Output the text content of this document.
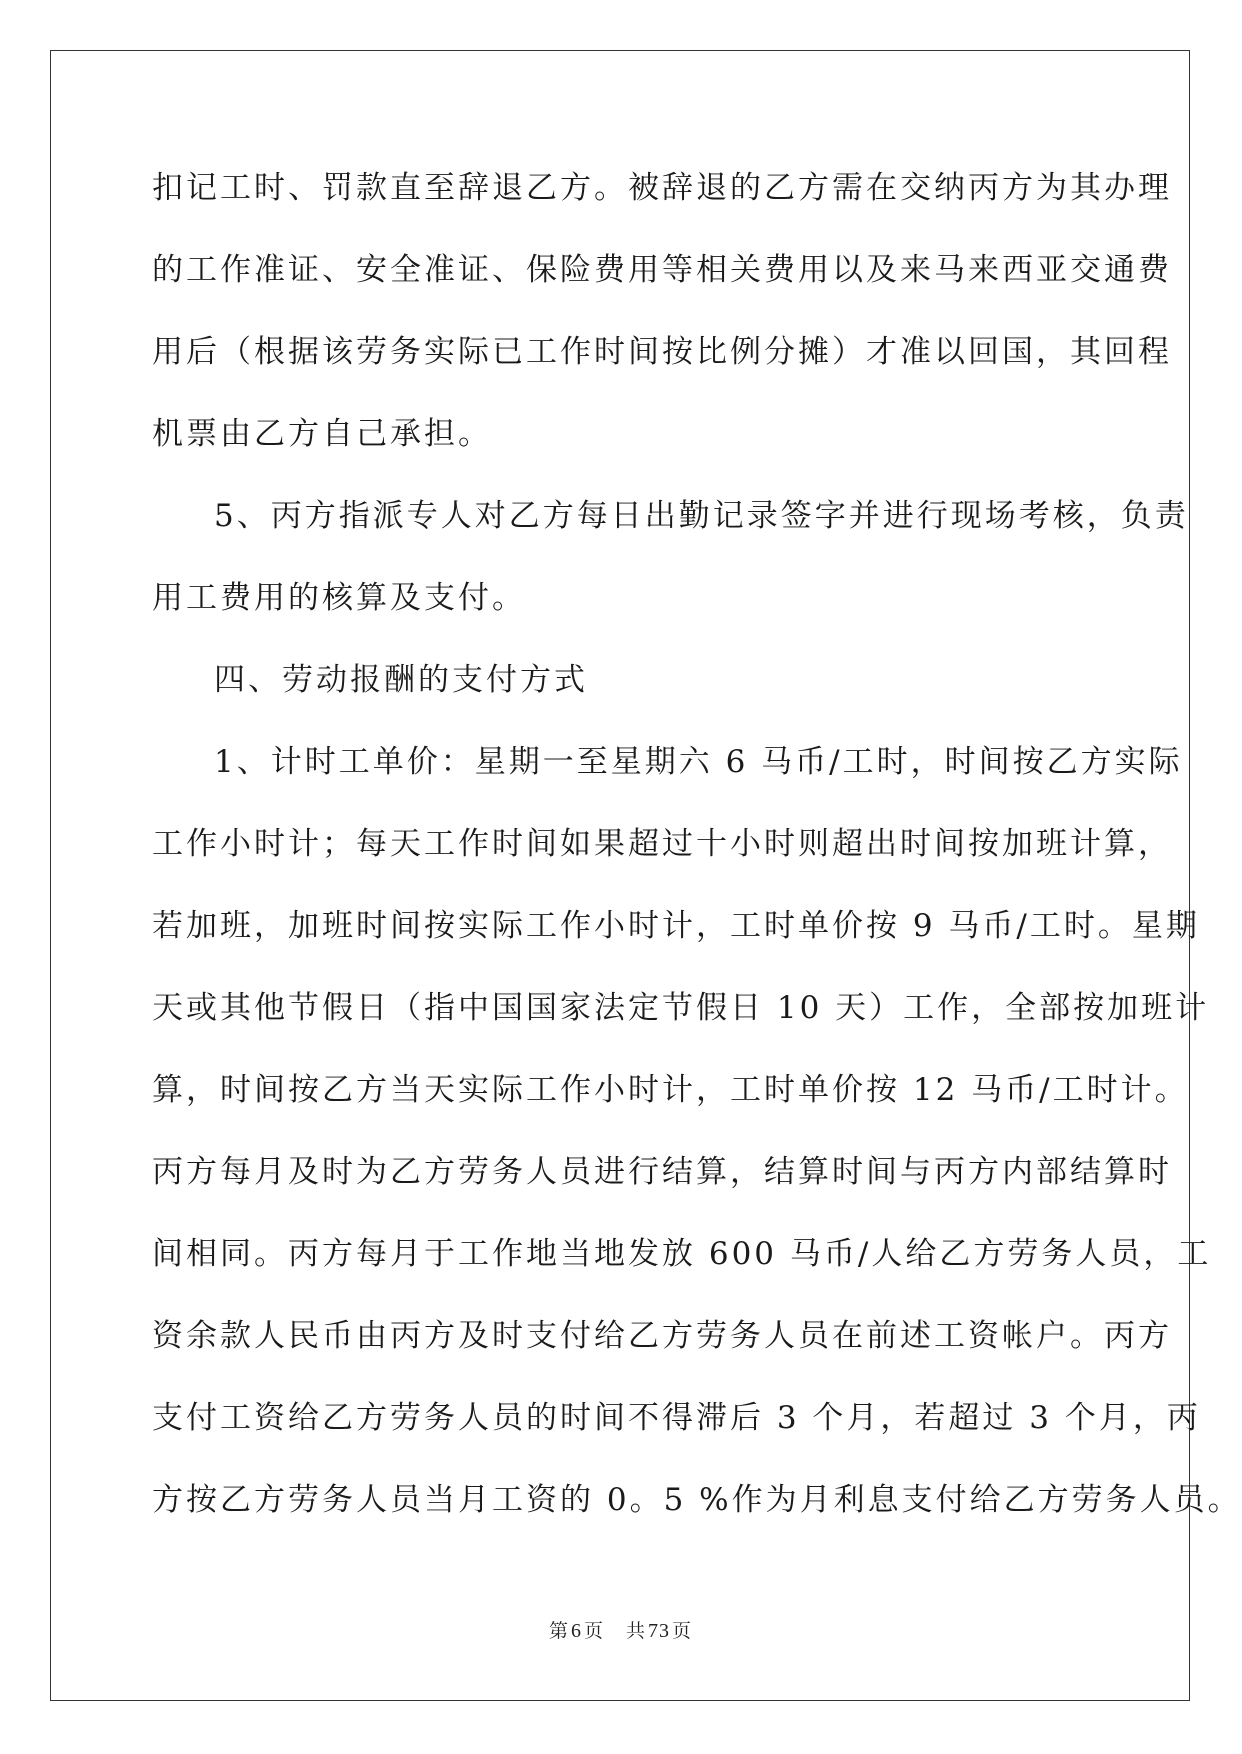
扣记工时、罚款直至辞退乙方。被辞退的乙方需在交纳丙方为其办理
的工作准证、安全准证、保险费用等相关费用以及来马来西亚交通费
用后（根据该劳务实际已工作时间按比例分摊）才准以回国，其回程
机票由乙方自己承担。
5、丙方指派专人对乙方每日出勤记录签字并进行现场考核，负责
用工费用的核算及支付。
四、劳动报酬的支付方式
1、计时工单价：星期一至星期六 6 马币/工时，时间按乙方实际
工作小时计；每天工作时间如果超过十小时则超出时间按加班计算，
若加班，加班时间按实际工作小时计，工时单价按 9 马币/工时。星期
天或其他节假日（指中国国家法定节假日 10 天）工作，全部按加班计
算，时间按乙方当天实际工作小时计，工时单价按 12 马币/工时计。
丙方每月及时为乙方劳务人员进行结算，结算时间与丙方内部结算时
间相同。丙方每月于工作地当地发放 600 马币/人给乙方劳务人员，工
资余款人民币由丙方及时支付给乙方劳务人员在前述工资帐户。丙方
支付工资给乙方劳务人员的时间不得滞后 3 个月，若超过 3 个月，丙
方按乙方劳务人员当月工资的 0。5 %作为月利息支付给乙方劳务人员。
第 6 页 共 73 页
